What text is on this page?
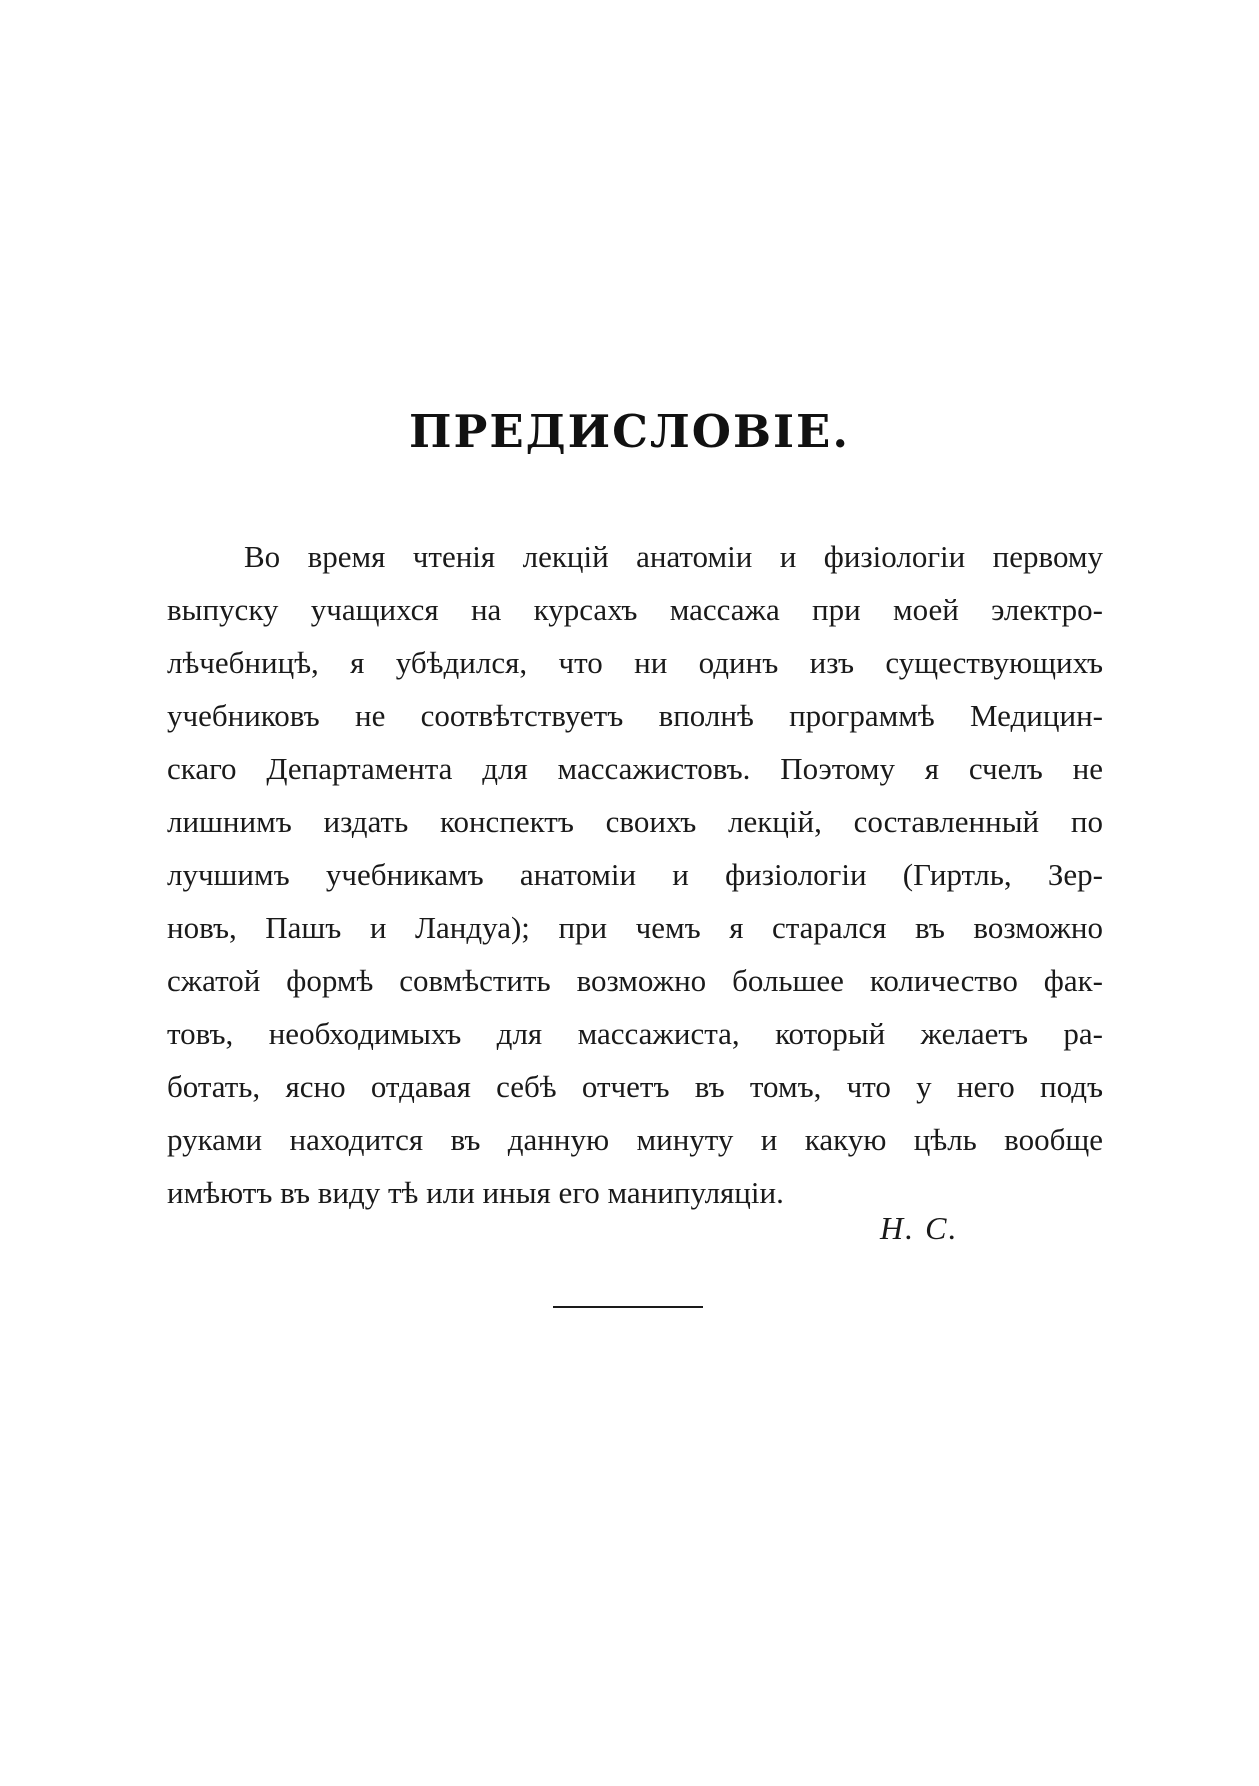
ПРЕДИСЛОВІЕ.
Во время чтенія лекцій анатоміи и физіологіи первому
выпуску учащихся на курсахъ массажа при моей электро-
лѣчебницѣ, я убѣдился, что ни одинъ изъ существующихъ
учебниковъ не соотвѣтствуетъ вполнѣ программѣ Медицин-
скаго Департамента для массажистовъ. Поэтому я счелъ не
лишнимъ издать конспектъ своихъ лекцій, составленный по
лучшимъ учебникамъ анатоміи и физіологіи (Гиртль, Зер-
новъ, Пашъ и Ландуа); при чемъ я старался въ возможно
сжатой формѣ совмѣстить возможно большее количество фак-
товъ, необходимыхъ для массажиста, который желаетъ ра-
ботать, ясно отдавая себѣ отчетъ въ томъ, что у него подъ
руками находится въ данную минуту и какую цѣль вообще
имѣютъ въ виду тѣ или иныя его манипуляціи.
Н. С.
